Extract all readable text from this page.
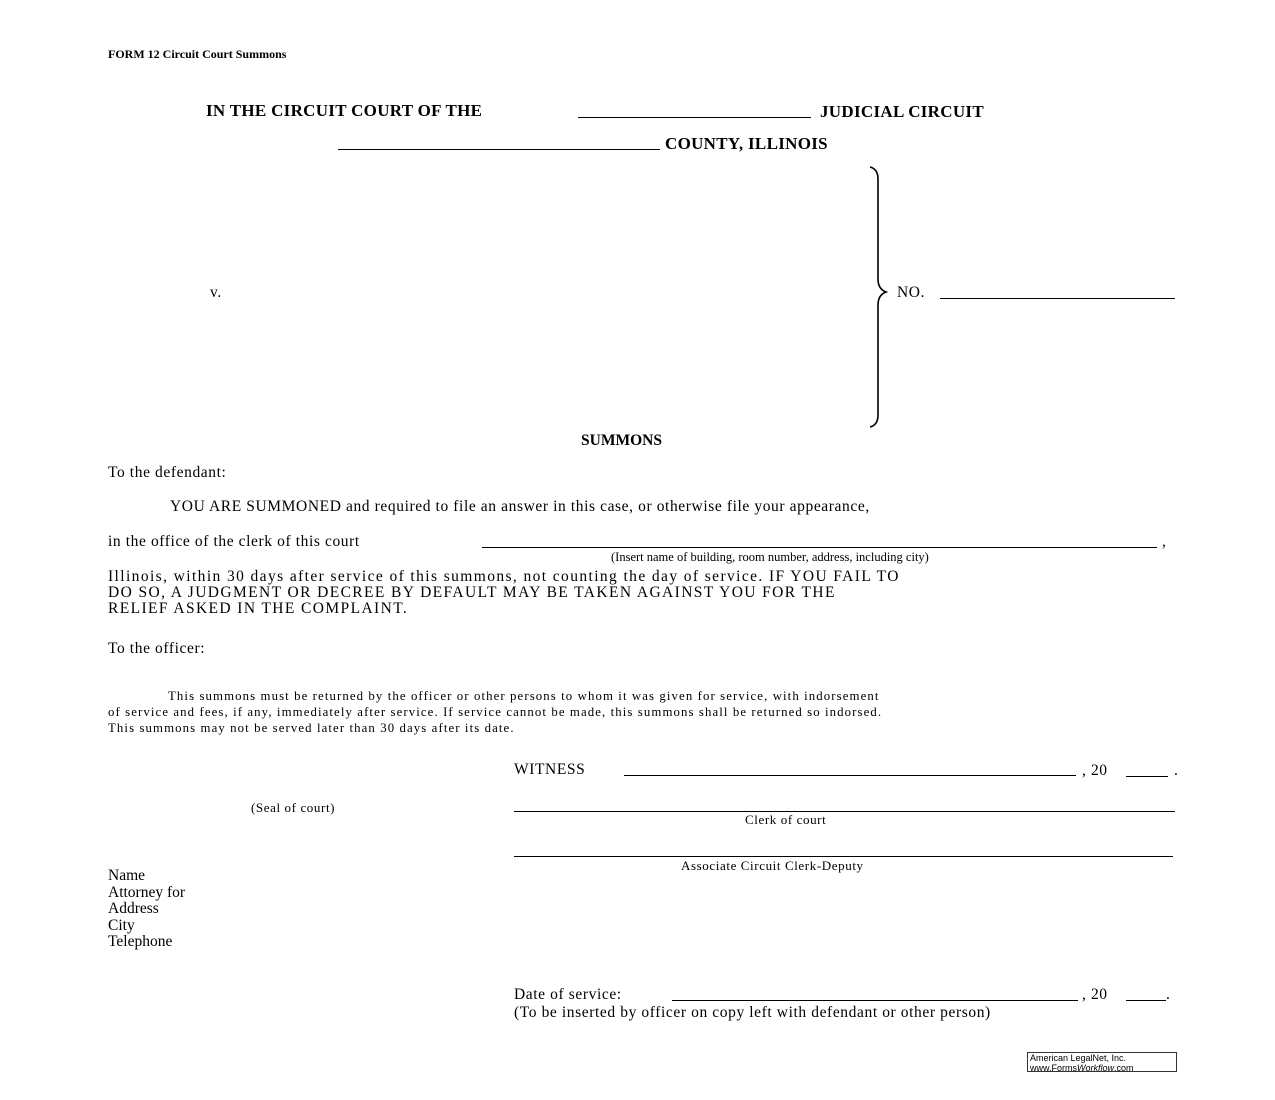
FORM 12 Circuit Court Summons
IN THE CIRCUIT COURT OF THE	JUDICIAL CIRCUIT
COUNTY, ILLINOIS
v.	NO.
SUMMONS
To the defendant:
YOU ARE SUMMONED and required to file an answer in this case, or otherwise file your appearance,
in the office of the clerk of this court	,
(Insert name of building, room number, address, including city)
Illinois, within 30 days after service of this summons, not counting the day of service. IF YOU FAIL TO
DO SO, A JUDGMENT OR DECREE BY DEFAULT MAY BE TAKEN AGAINST YOU FOR THE
RELIEF ASKED IN THE COMPLAINT.
To the officer:
This summons must be returned by the officer or other persons to whom it was given for service, with indorsement
of service and fees, if any, immediately after service. If service cannot be made, this summons shall be returned so indorsed.
This summons may not be served later than 30 days after its date.
WITNESS	, 20	.
(Seal of court)
Clerk of court
Associate Circuit Clerk-Deputy
Name
Attorney for
Address
City
Telephone
Date of service:	, 20	.
(To be inserted by officer on copy left with defendant or other person)
American LegalNet, Inc.
www.FormsWorkflow.com
